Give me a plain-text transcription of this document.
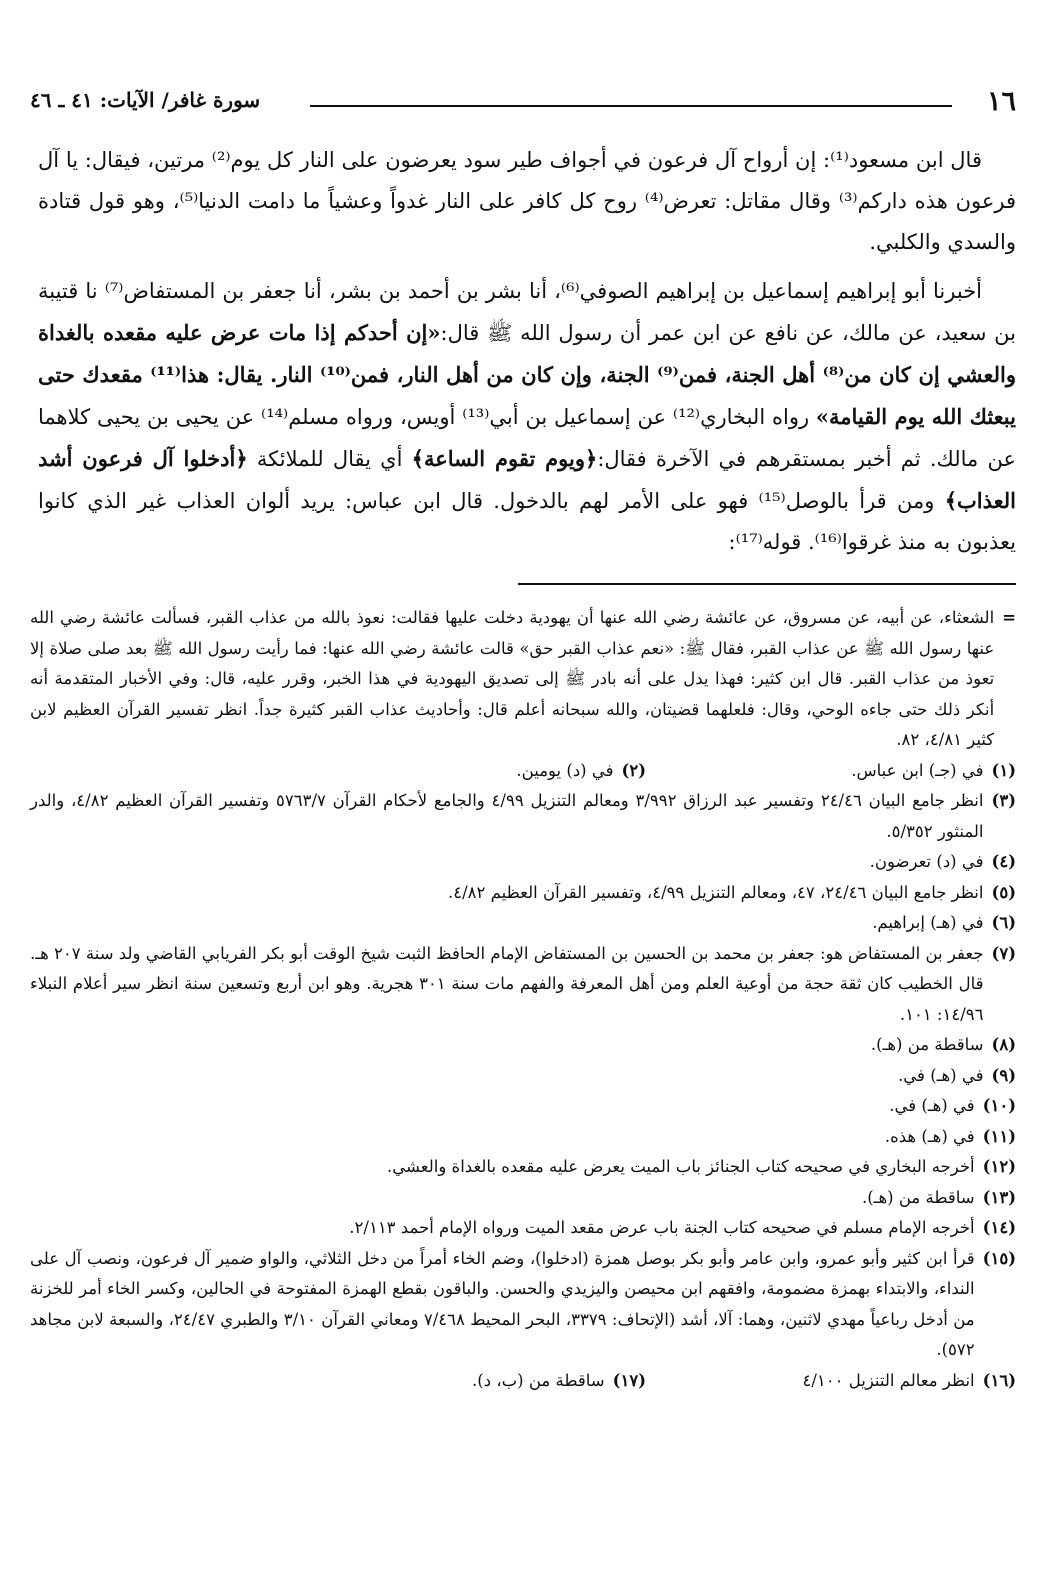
١٦
سورة غافر/ الآيات: ٤١ ـ ٤٦

قال ابن مسعود⁽¹⁾: إن أرواح آل فرعون في أجواف طير سود يعرضون على النار كل يوم⁽²⁾ مرتين، فيقال: يا آل فرعون هذه داركم⁽³⁾ وقال مقاتل: تعرض⁽⁴⁾ روح كل كافر على النار غدواً وعشياً ما دامت الدنيا⁽⁵⁾، وهو قول قتادة والسدي والكلبي.

أخبرنا أبو إبراهيم إسماعيل بن إبراهيم الصوفي⁽⁶⁾، أنا بشر بن أحمد بن بشر، أنا جعفر بن المستفاض⁽⁷⁾ نا قتيبة بن سعيد، عن مالك، عن نافع عن ابن عمر أن رسول الله ﷺ قال:«إن أحدكم إذا مات عرض عليه مقعده بالغداة والعشي إن كان من⁽⁸⁾ أهل الجنة، فمن⁽⁹⁾ الجنة، وإن كان من أهل النار، فمن⁽¹⁰⁾ النار. يقال: هذا⁽¹¹⁾ مقعدك حتى يبعثك الله يوم القيامة» رواه البخاري⁽¹²⁾ عن إسماعيل بن أبي⁽¹³⁾ أويس، ورواه مسلم⁽¹⁴⁾ عن يحيى بن يحيى كلاهما عن مالك. ثم أخبر بمستقرهم في الآخرة فقال:﴿ويوم تقوم الساعة﴾ أي يقال للملائكة ﴿أدخلوا آل فرعون أشد العذاب﴾ ومن قرأ بالوصل⁽¹⁵⁾ فهو على الأمر لهم بالدخول. قال ابن عباس: يريد ألوان العذاب غير الذي كانوا يعذبون به منذ غرقوا⁽¹⁶⁾. قوله⁽¹⁷⁾:

=
الشعثاء، عن أبيه، عن مسروق، عن عائشة رضي الله عنها أن يهودية دخلت عليها فقالت: نعوذ بالله من عذاب القبر، فسألت عائشة رضي الله عنها رسول الله ﷺ عن عذاب القبر، فقال ﷺ: «نعم عذاب القبر حق» قالت عائشة رضي الله عنها: فما رأيت رسول الله ﷺ بعد صلى صلاة إلا تعوذ من عذاب القبر. قال ابن كثير: فهذا يدل على أنه بادر ﷺ إلى تصديق اليهودية في هذا الخبر، وقرر عليه، قال: وفي الأخبار المتقدمة أنه أنكر ذلك حتى جاءه الوحي، وقال: فلعلهما قضيتان، والله سبحانه أعلم قال: وأحاديث عذاب القبر كثيرة جداً. انظر تفسير القرآن العظيم لابن كثير ٤/٨١، ٨٢.
(١)
في (جـ) ابن عباس.
(٢)
في (د) يومين.
(٣)
انظر جامع البيان ٢٤/٤٦ وتفسير عبد الرزاق ٣/٩٩٢ ومعالم التنزيل ٤/٩٩ والجامع لأحكام القرآن ٥٧٦٣/٧ وتفسير القرآن العظيم ٤/٨٢، والدر المنثور ٥/٣٥٢.
(٤)
في (د) تعرضون.
(٥)
انظر جامع البيان ٢٤/٤٦، ٤٧، ومعالم التنزيل ٤/٩٩، وتفسير القرآن العظيم ٤/٨٢.
(٦)
في (هـ) إبراهيم.
(٧)
جعفر بن المستفاض هو: جعفر بن محمد بن الحسين بن المستفاض الإمام الحافظ الثبت شيخ الوقت أبو بكر الفريابي القاضي ولد سنة ٢٠٧ هـ. قال الخطيب كان ثقة حجة من أوعية العلم ومن أهل المعرفة والفهم مات سنة ٣٠١ هجرية. وهو ابن أربع وتسعين سنة انظر سير أعلام النبلاء ١٤/٩٦: ١٠١.
(٨)
ساقطة من (هـ).
(٩)
في (هـ) في.
(١٠)
في (هـ) في.
(١١)
في (هـ) هذه.
(١٢)
أخرجه البخاري في صحيحه كتاب الجنائز باب الميت يعرض عليه مقعده بالغداة والعشي.
(١٣)
ساقطة من (هـ).
(١٤)
أخرجه الإمام مسلم في صحيحه كتاب الجنة باب عرض مقعد الميت ورواه الإمام أحمد ٢/١١٣.
(١٥)
قرأ ابن كثير وأبو عمرو، وابن عامر وأبو بكر بوصل همزة (ادخلوا)، وضم الخاء أمراً من دخل الثلاثي، والواو ضمير آل فرعون، ونصب آل على النداء، والابتداء بهمزة مضمومة، وافقهم ابن محيصن واليزيدي والحسن. والباقون بقطع الهمزة المفتوحة في الحالين، وكسر الخاء أمر للخزنة من أدخل رباعياً مهدي لاثنين، وهما: آلا، أشد (الإتحاف: ٣٣٧٩، البحر المحيط ٧/٤٦٨ ومعاني القرآن ٣/١٠ والطبري ٢٤/٤٧، والسبعة لابن مجاهد ٥٧٢).
(١٦)
انظر معالم التنزيل ٤/١٠٠
(١٧)
ساقطة من (ب، د).
